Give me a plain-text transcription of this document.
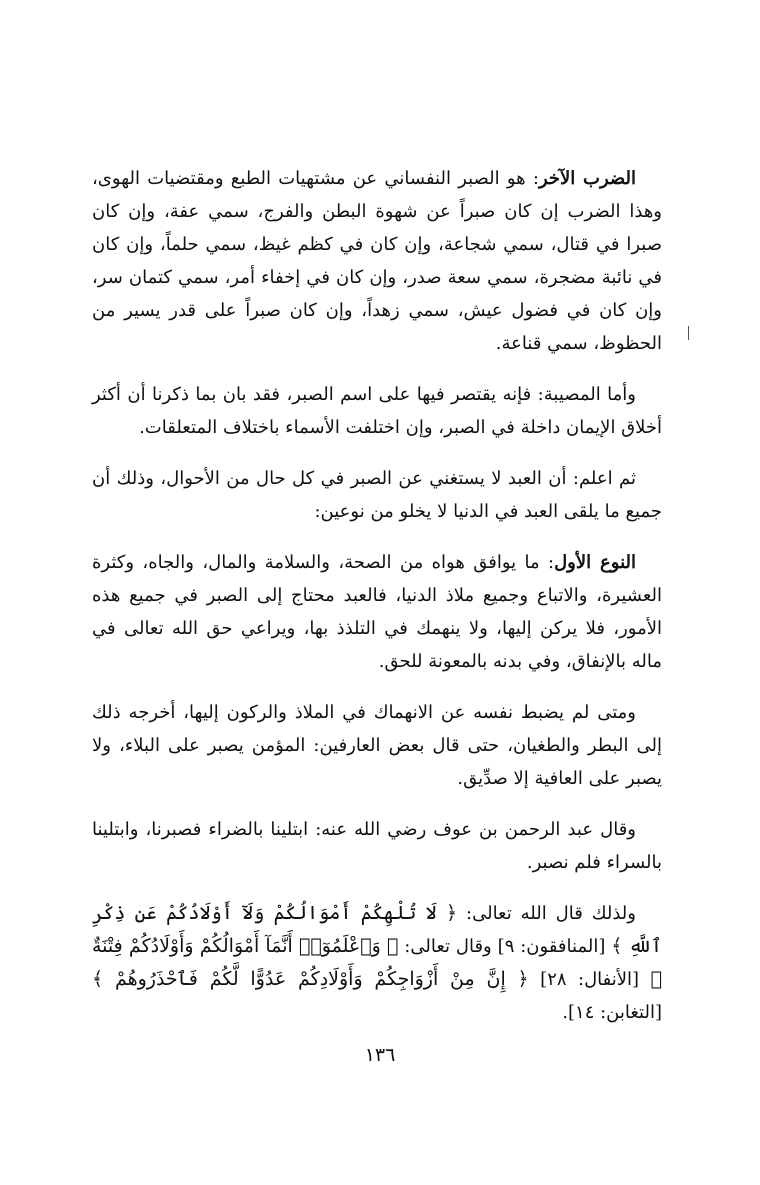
الضرب الآخر: هو الصبر النفساني عن مشتهيات الطبع ومقتضيات الهوى، وهذا الضرب إن كان صبراً عن شهوة البطن والفرج، سمي عفة، وإن كان صبرا في قتال، سمي شجاعة، وإن كان في كظم غيظ، سمي حلماً، وإن كان في نائبة مضجرة، سمي سعة صدر، وإن كان في إخفاء أمر، سمي كتمان سر، وإن كان في فضول عيش، سمي زهداً، وإن كان صبراً على قدر يسير من الحظوظ، سمي قناعة.

وأما المصيبة: فإنه يقتصر فيها على اسم الصبر، فقد بان بما ذكرنا أن أكثر أخلاق الإيمان داخلة في الصبر، وإن اختلفت الأسماء باختلاف المتعلقات.

ثم اعلم: أن العبد لا يستغني عن الصبر في كل حال من الأحوال، وذلك أن جميع ما يلقى العبد في الدنيا لا يخلو من نوعين:

النوع الأول: ما يوافق هواه من الصحة، والسلامة والمال، والجاه، وكثرة العشيرة، والاتباع وجميع ملاذ الدنيا، فالعبد محتاج إلى الصبر في جميع هذه الأمور، فلا يركن إليها، ولا ينهمك في التلذذ بها، ويراعي حق الله تعالى في ماله بالإنفاق، وفي بدنه بالمعونة للحق.

ومتى لم يضبط نفسه عن الانهماك في الملاذ والركون إليها، أخرجه ذلك إلى البطر والطغيان، حتى قال بعض العارفين: المؤمن يصبر على البلاء، ولا يصبر على العافية إلا صدِّيق.

وقال عبد الرحمن بن عوف رضي الله عنه: ابتلينا بالضراء فصبرنا، وابتلينا بالسراء فلم نصبر.

ولذلك قال الله تعالى: ﴿ لَا تُلْهِكُمْ أَمْوَالُكُمْ وَلَآ أَوْلَادُكُمْ عَن ذِكْرِ ٱللَّهِ ﴾ [المنافقون: ٩] وقال تعالى: ﴿ وَٱعْلَمُوٓا۟ أَنَّمَآ أَمْوَالُكُمْ وَأَوْلَادُكُمْ فِتْنَةٌ ﴾ [الأنفال: ٢٨] ﴿ إِنَّ مِنْ أَزْوَاجِكُمْ وَأَوْلَادِكُمْ عَدُوًّا لَّكُمْ فَٱحْذَرُوهُمْ ﴾ [التغابن: ١٤].

١٣٦
